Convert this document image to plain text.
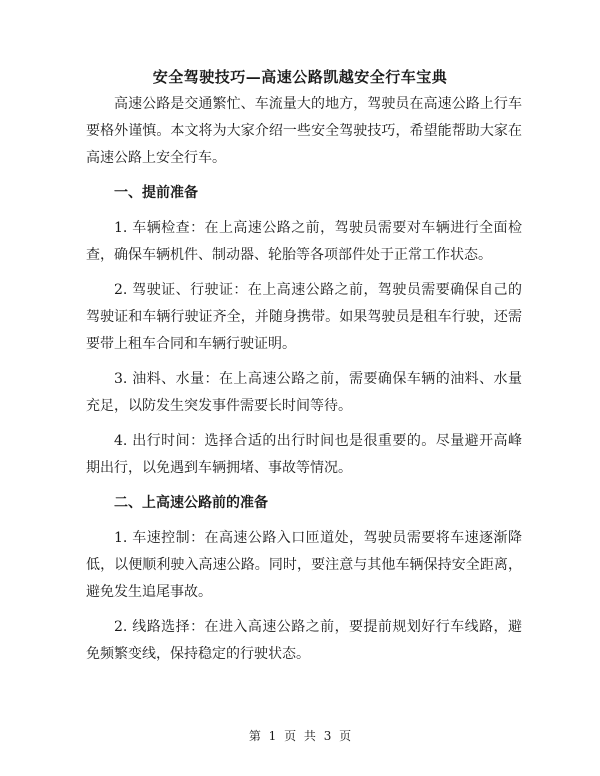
安全驾驶技巧—高速公路凯越安全行车宝典

高速公路是交通繁忙、车流量大的地方，驾驶员在高速公路上行车要格外谨慎。本文将为大家介绍一些安全驾驶技巧，希望能帮助大家在高速公路上安全行车。

一、提前准备

1. 车辆检查：在上高速公路之前，驾驶员需要对车辆进行全面检查，确保车辆机件、制动器、轮胎等各项部件处于正常工作状态。

2. 驾驶证、行驶证：在上高速公路之前，驾驶员需要确保自己的驾驶证和车辆行驶证齐全，并随身携带。如果驾驶员是租车行驶，还需要带上租车合同和车辆行驶证明。

3. 油料、水量：在上高速公路之前，需要确保车辆的油料、水量充足，以防发生突发事件需要长时间等待。

4. 出行时间：选择合适的出行时间也是很重要的。尽量避开高峰期出行，以免遇到车辆拥堵、事故等情况。

二、上高速公路前的准备

1. 车速控制：在高速公路入口匝道处，驾驶员需要将车速逐渐降低，以便顺利驶入高速公路。同时，要注意与其他车辆保持安全距离，避免发生追尾事故。

2. 线路选择：在进入高速公路之前，要提前规划好行车线路，避免频繁变线，保持稳定的行驶状态。

第 1 页 共 3 页
